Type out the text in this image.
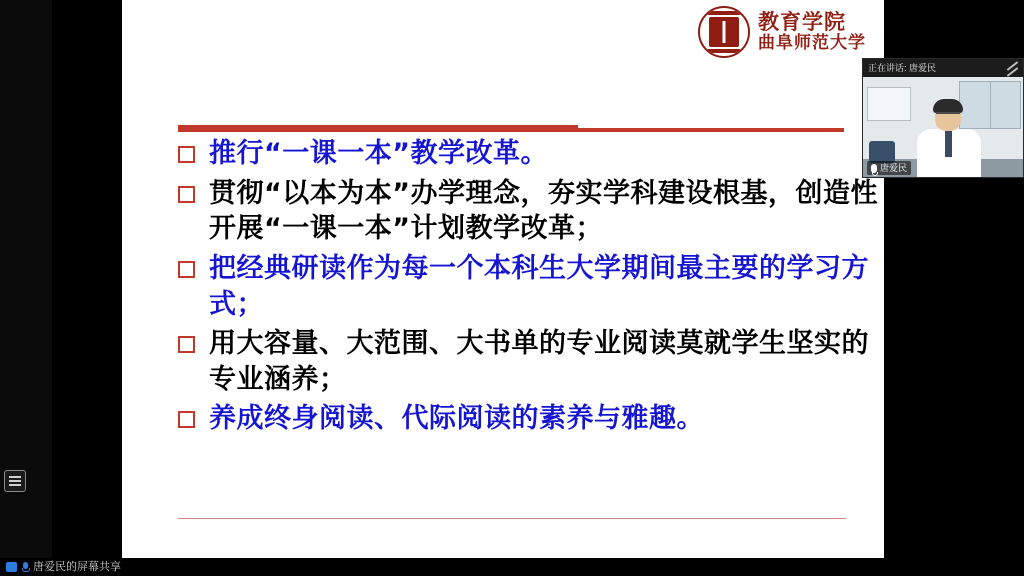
教育学院
曲阜师范大学
推行“一课一本”教学改革。
贯彻“以本为本”办学理念，夯实学科建设根基，创造性开展“一课一本”计划教学改革；
把经典研读作为每一个本科生大学期间最主要的学习方式；
用大容量、大范围、大书单的专业阅读莫就学生坚实的专业涵养；
养成终身阅读、代际阅读的素养与雅趣。
正在讲话: 唐爱民
唐爱民
唐爱民的屏幕共享
